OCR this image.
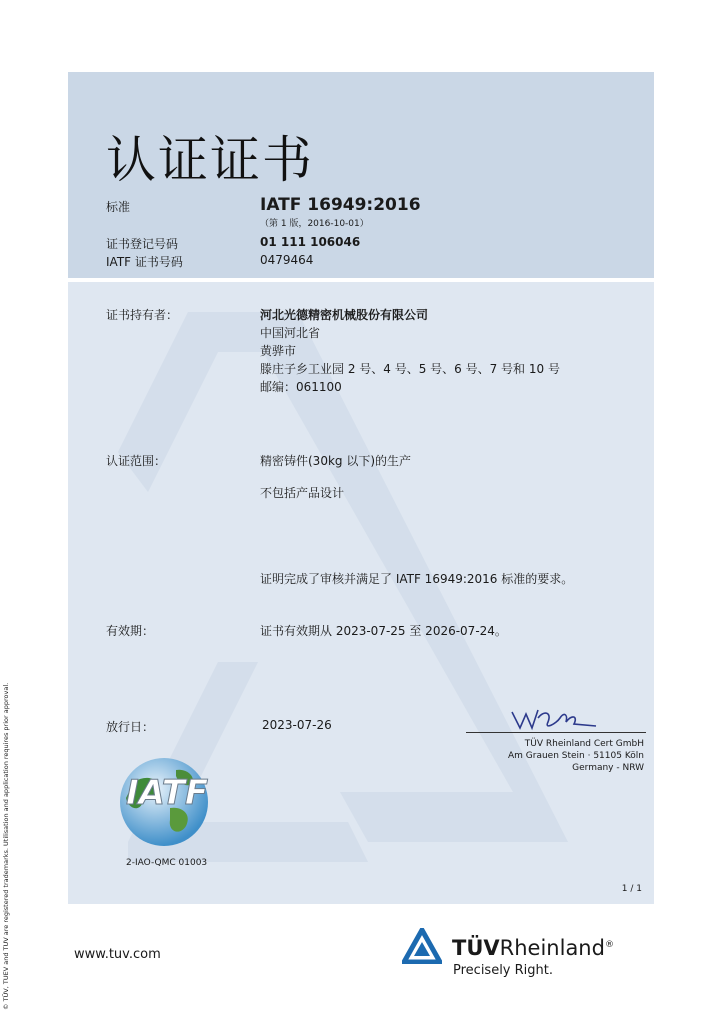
© TÜV, TUEV and TUV are registered trademarks. Utilisation and application requires prior approval.
认证证书
标准	IATF 16949:2016
（第 1 版，2016-10-01）
证书登记号码	01 111 106046
IATF 证书号码	0479464
证书持有者：	河北光德精密机械股份有限公司
中国河北省
黄骅市
滕庄子乡工业园 2 号、4 号、5 号、6 号、7 号和 10 号
邮编：061100
认证范围：	精密铸件(30kg 以下)的生产
不包括产品设计
证明完成了审核并满足了 IATF 16949:2016 标准的要求。
有效期：	证书有效期从 2023-07-25 至 2026-07-24。
放行日：	2023-07-26
TÜV Rheinland Cert GmbH
Am Grauen Stein · 51105 Köln
Germany - NRW
IATF
2-IAO-QMC 01003
1 / 1
www.tuv.com	TÜVRheinland®
Precisely Right.
